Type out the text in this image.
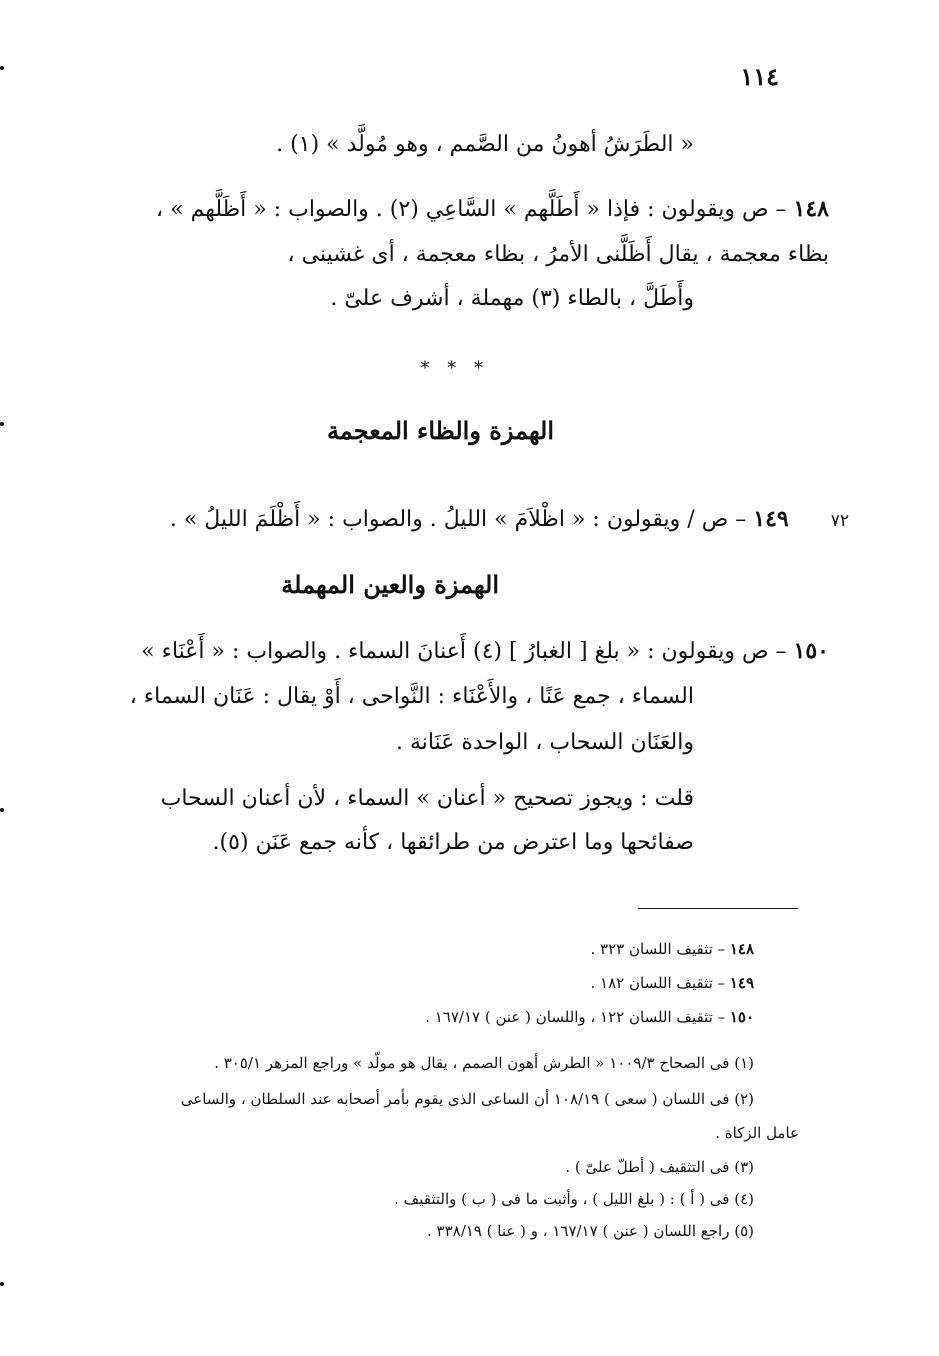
١١٤
« الطَرَشُ أهونُ من الصَّمم ، وهو مُولَّد » (١) .
١٤٨ – ص ويقولون : فإذا « أَطَلَّهم » السَّاعِي (٢) . والصواب : « أَظَلَّهم » ،
بظاء معجمة ، يقال أَظَلَّنى الأمرُ ، بظاء معجمة ، أى غشينى ،
وأَطَلَّ ، بالطاء (٣) مهملة ، أشرف علىّ .
* * *
الهمزة والظاء المعجمة
٧٢  ١٤٩ – ص / ويقولون : « اظْلاَمَ » الليلُ . والصواب : « أَظْلَمَ الليلُ » .
الهمزة والعين المهملة
١٥٠ – ص ويقولون : « بلغ [ الغبارُ ] (٤) أَعنانَ السماء . والصواب : « أَعْنَاء »
السماء ، جمع عَنًا ، والأَعْنَاء : النَّواحى ، أَوْ يقال : عَنَان السماء ،
والعَنَان السحاب ، الواحدة عَنَانة .
قلت : ويجوز تصحيح « أعنان » السماء ، لأن أعنان السحاب
صفائحها وما اعترض من طرائقها ، كأنه جمع عَنَن (٥).
١٤٨ – تثقيف اللسان ٣٢٣ .
١٤٩ – تثقيف اللسان ١٨٢ .
١٥٠ – تثقيف اللسان ١٢٢ ، واللسان ( عنن ) ١٦٧/١٧ .
(١) فى الصحاح ١٠٠٩/٣ « الطرش أهون الصمم ، يقال هو مولّد » وراجع المزهر ٣٠٥/١ .
(٢) فى اللسان ( سعى ) ١٠٨/١٩ أن الساعى الذى يقوم بأمر أصحابه عند السلطان ، والساعى
عامل الزكاة .
(٣) فى التثقيف ( أطلّ علىّ ) .
(٤) فى ( أ ) : ( بلغ الليل ) ، وأثبت ما فى ( ب ) والتثقيف .
(٥) راجع اللسان ( عنن ) ١٦٧/١٧ ، و ( عنا ) ٣٣٨/١٩ .
